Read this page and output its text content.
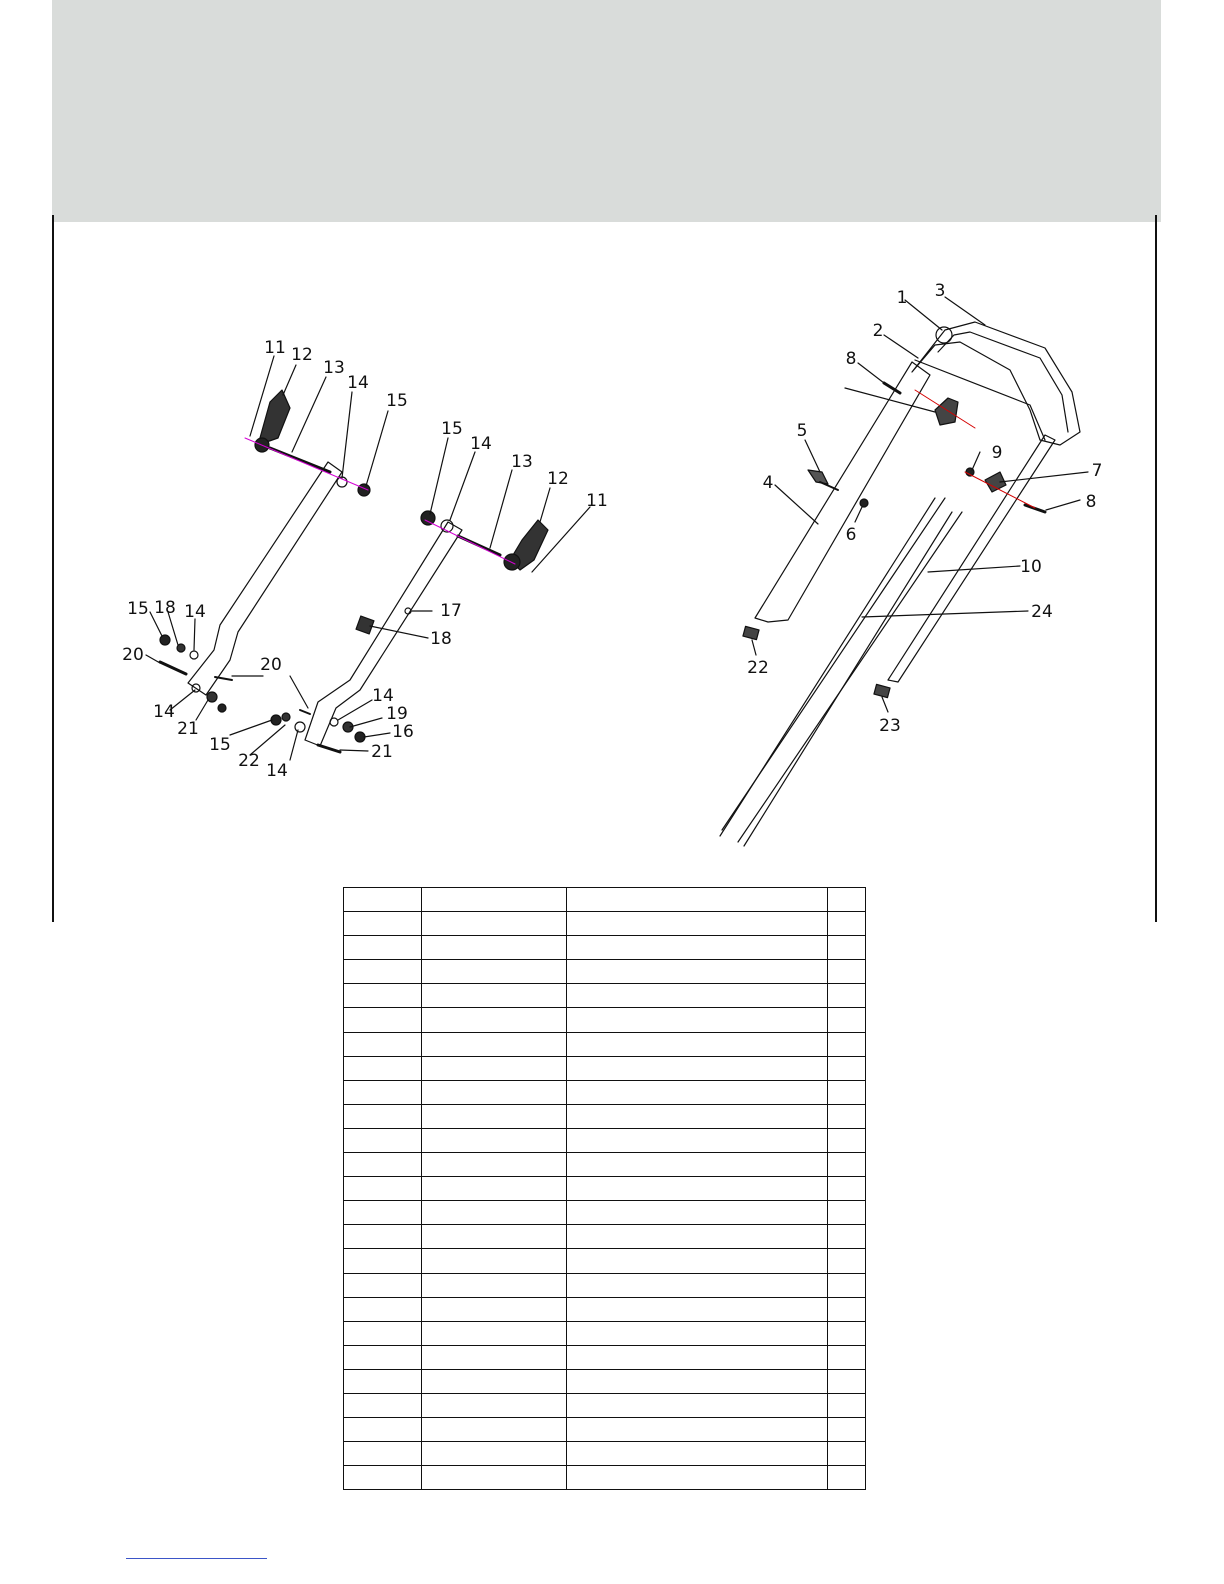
1
2
3
4
5
6
7
8
8
9
10
11
11
12
12
13
13
14
14
14
14
14
14
15
15
15
15
16
17
18
18
19
20
20
21
21
22
22
23
24
